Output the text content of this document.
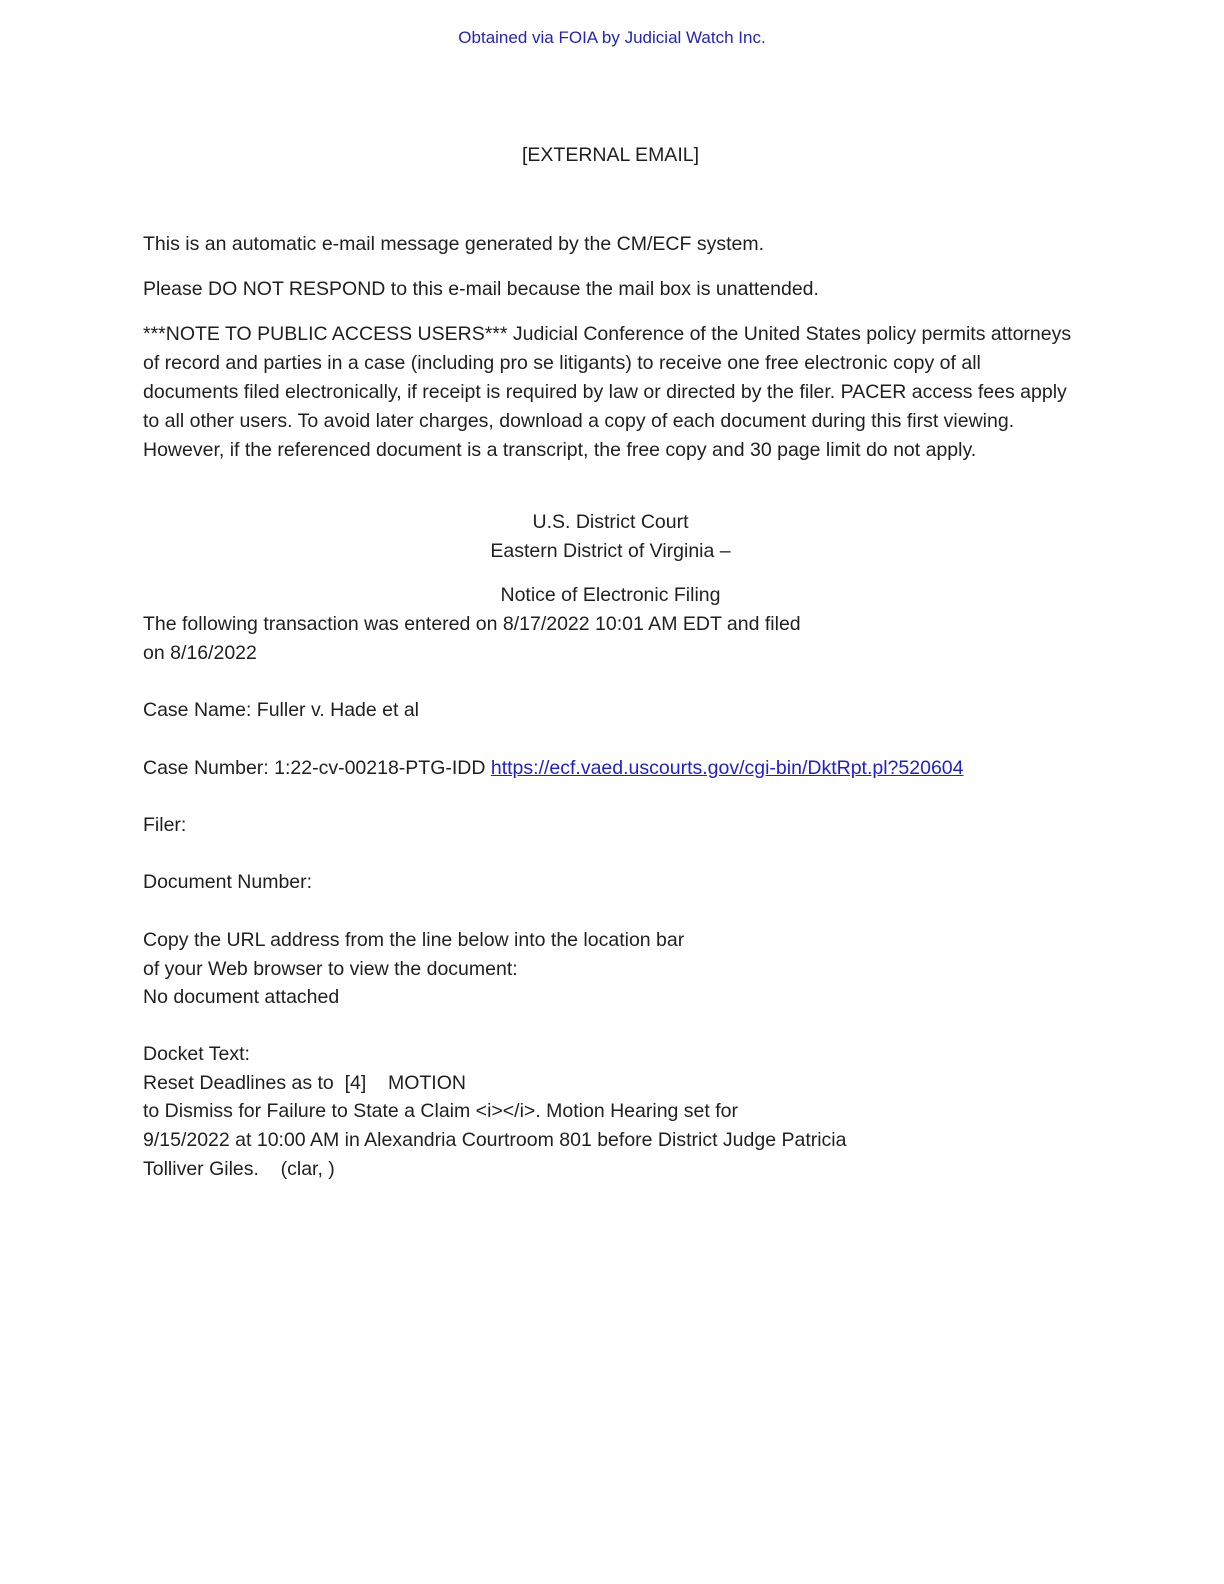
Obtained via FOIA by Judicial Watch Inc.

[EXTERNAL EMAIL]

This is an automatic e-mail message generated by the CM/ECF system.

Please DO NOT RESPOND to this e-mail because the mail box is unattended.

***NOTE TO PUBLIC ACCESS USERS*** Judicial Conference of the United States policy permits attorneys of record and parties in a case (including pro se litigants) to receive one free electronic copy of all documents filed electronically, if receipt is required by law or directed by the filer. PACER access fees apply to all other users. To avoid later charges, download a copy of each document during this first viewing. However, if the referenced document is a transcript, the free copy and 30 page limit do not apply.

U.S. District Court

Eastern District of Virginia –

Notice of Electronic Filing

The following transaction was entered on 8/17/2022 10:01 AM EDT and filed

on 8/16/2022

Case Name: Fuller v. Hade et al

Case Number: 1:22-cv-00218-PTG-IDD https://ecf.vaed.uscourts.gov/cgi-bin/DktRpt.pl?520604

Filer:

Document Number:

Copy the URL address from the line below into the location bar

of your Web browser to view the document:

No document attached

Docket Text:

Reset Deadlines as to  [4]    MOTION

to Dismiss for Failure to State a Claim <i></i>. Motion Hearing set for

9/15/2022 at 10:00 AM in Alexandria Courtroom 801 before District Judge Patricia

Tolliver Giles.    (clar, )
